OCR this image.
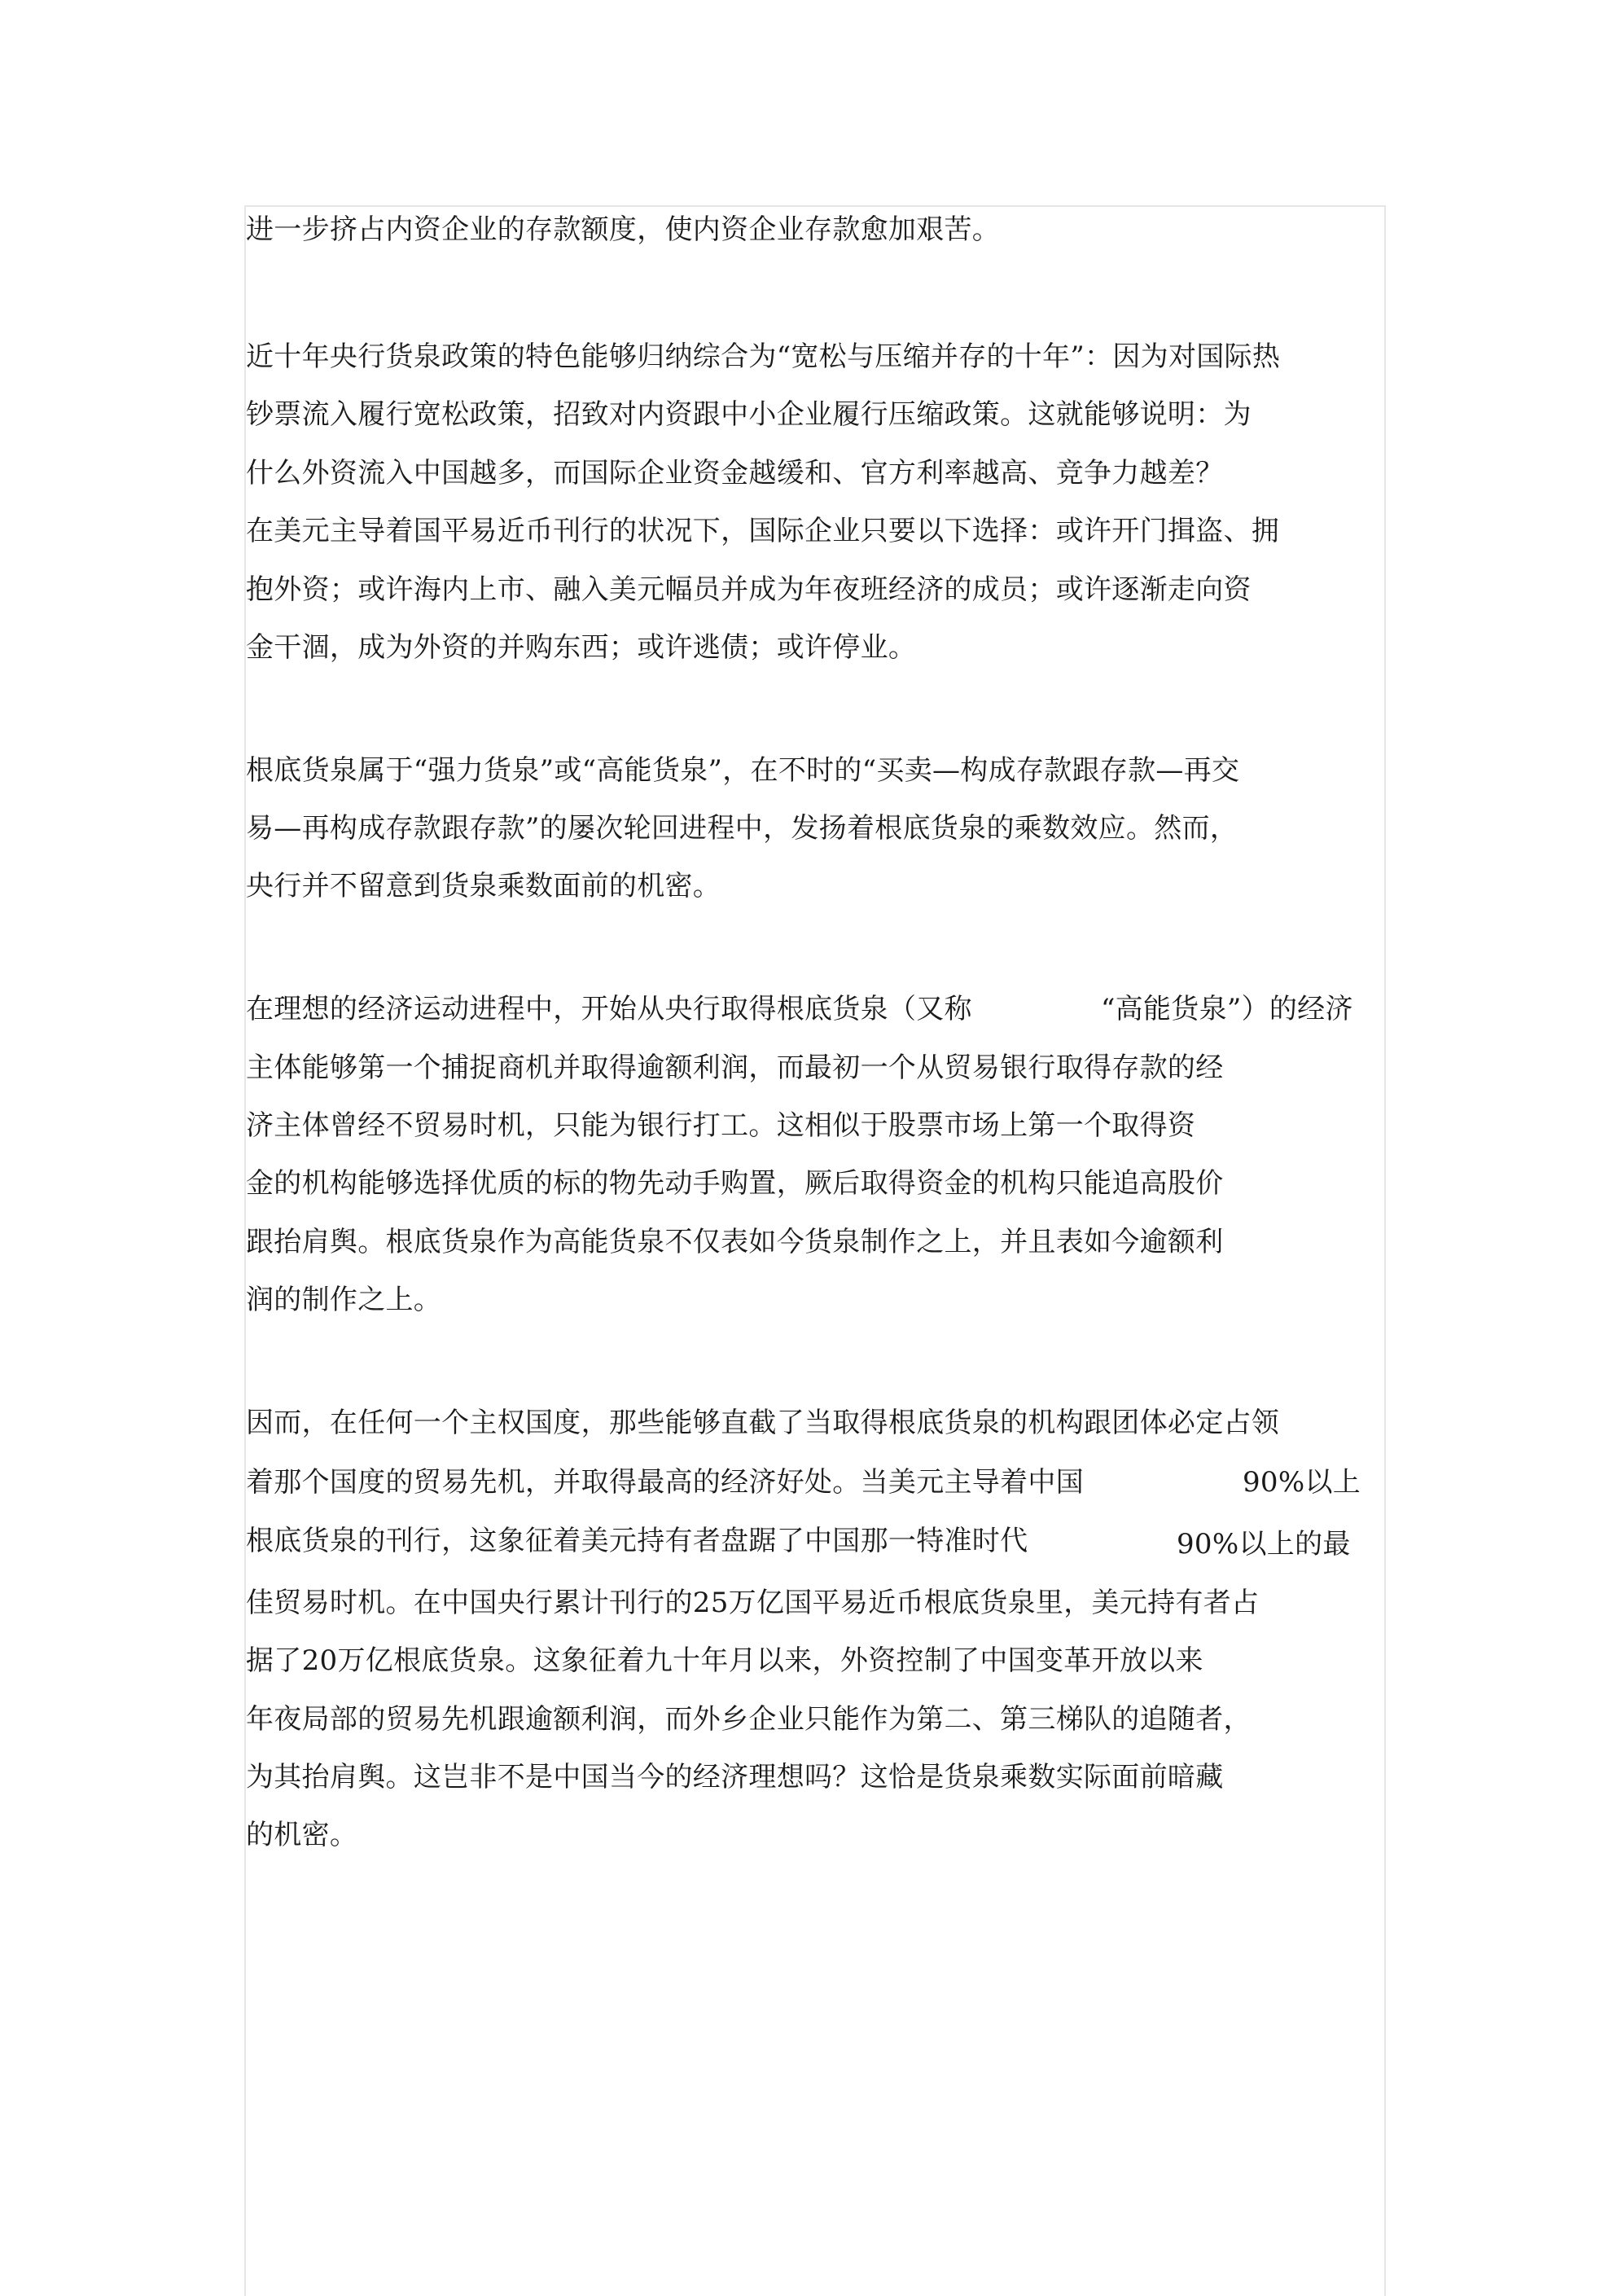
进一步挤占内资企业的存款额度，使内资企业存款愈加艰苦。

近十年央行货泉政策的特色能够归纳综合为“宽松与压缩并存的十年”：因为对国际热

钞票流入履行宽松政策，招致对内资跟中小企业履行压缩政策。这就能够说明：为

什么外资流入中国越多，而国际企业资金越缓和、官方利率越高、竞争力越差？

在美元主导着国平易近币刊行的状况下，国际企业只要以下选择：或许开门揖盗、拥

抱外资；或许海内上市、融入美元幅员并成为年夜班经济的成员；或许逐渐走向资

金干涸，成为外资的并购东西；或许逃债；或许停业。

根底货泉属于“强力货泉”或“高能货泉”，在不时的“买卖—构成存款跟存款—再交

易—再构成存款跟存款”的屡次轮回进程中，发扬着根底货泉的乘数效应。然而，

央行并不留意到货泉乘数面前的机密。

在理想的经济运动进程中，开始从央行取得根底货泉（又称	“高能货泉”）的经济

主体能够第一个捕捉商机并取得逾额利润，而最初一个从贸易银行取得存款的经

济主体曾经不贸易时机，只能为银行打工。这相似于股票市场上第一个取得资

金的机构能够选择优质的标的物先动手购置，厥后取得资金的机构只能追高股价

跟抬肩舆。根底货泉作为高能货泉不仅表如今货泉制作之上，并且表如今逾额利

润的制作之上。

因而，在任何一个主权国度，那些能够直截了当取得根底货泉的机构跟团体必定占领

着那个国度的贸易先机，并取得最高的经济好处。当美元主导着中国	90%以上

根底货泉的刊行，这象征着美元持有者盘踞了中国那一特准时代	90%以上的最

佳贸易时机。在中国央行累计刊行的25万亿国平易近币根底货泉里，美元持有者占

据了20万亿根底货泉。这象征着九十年月以来，外资控制了中国变革开放以来

年夜局部的贸易先机跟逾额利润，而外乡企业只能作为第二、第三梯队的追随者，

为其抬肩舆。这岂非不是中国当今的经济理想吗？这恰是货泉乘数实际面前暗藏

的机密。
